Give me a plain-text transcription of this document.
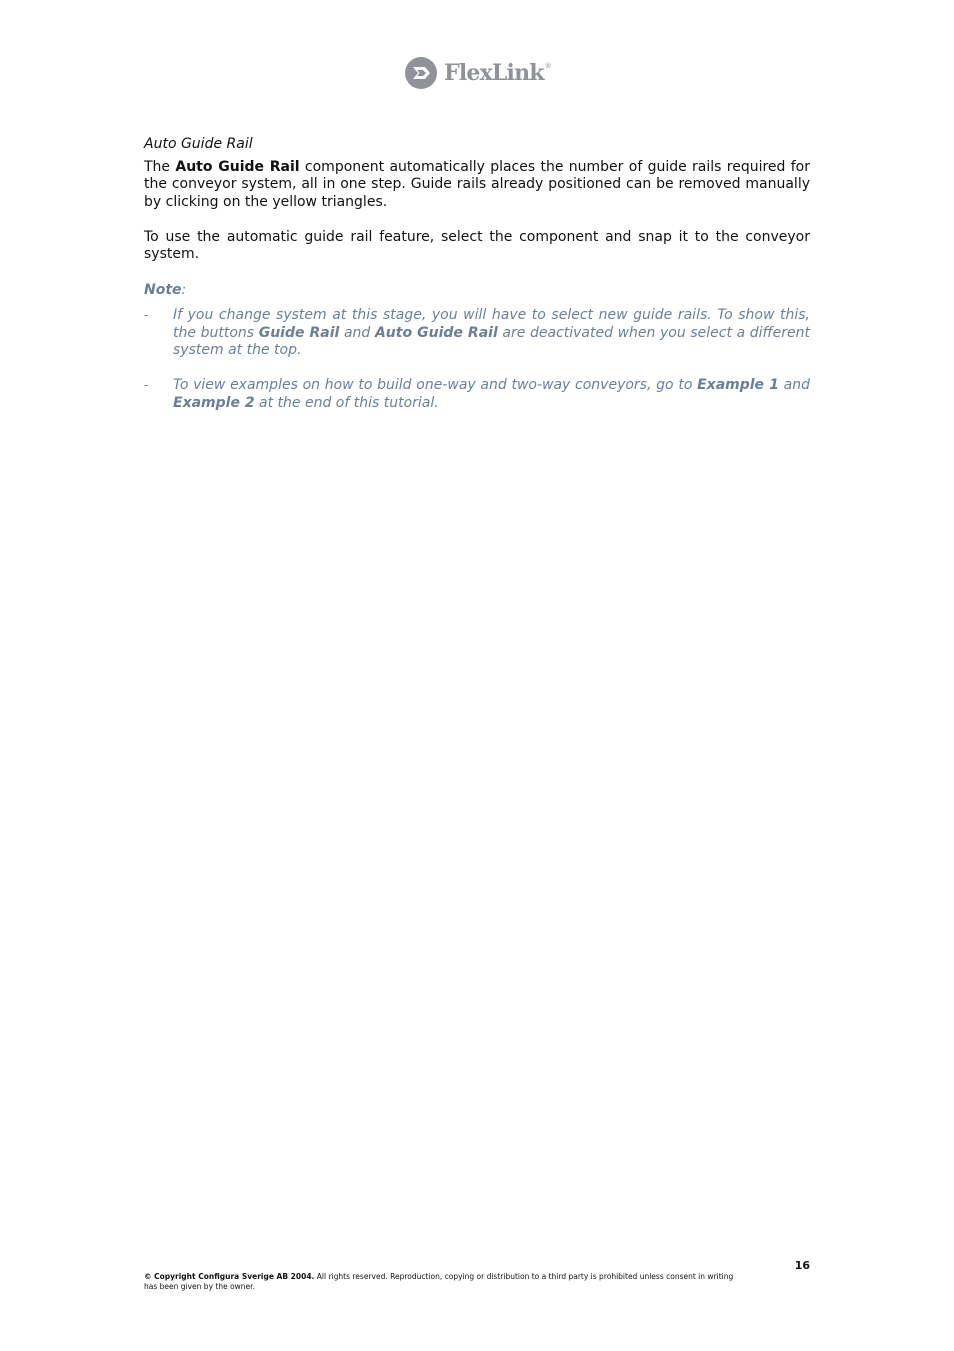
FlexLink ®
Auto Guide Rail

The Auto Guide Rail component automatically places the number of guide rails required for the conveyor system, all in one step. Guide rails already positioned can be removed manually by clicking on the yellow triangles.

To use the automatic guide rail feature, select the component and snap it to the conveyor system.

Note:
- If you change system at this stage, you will have to select new guide rails. To show this, the buttons Guide Rail and Auto Guide Rail are deactivated when you select a different system at the top.
- To view examples on how to build one-way and two-way conveyors, go to Example 1 and Example 2 at the end of this tutorial.
16
© Copyright Configura Sverige AB 2004. All rights reserved. Reproduction, copying or distribution to a third party is prohibited unless consent in writing has been given by the owner.
